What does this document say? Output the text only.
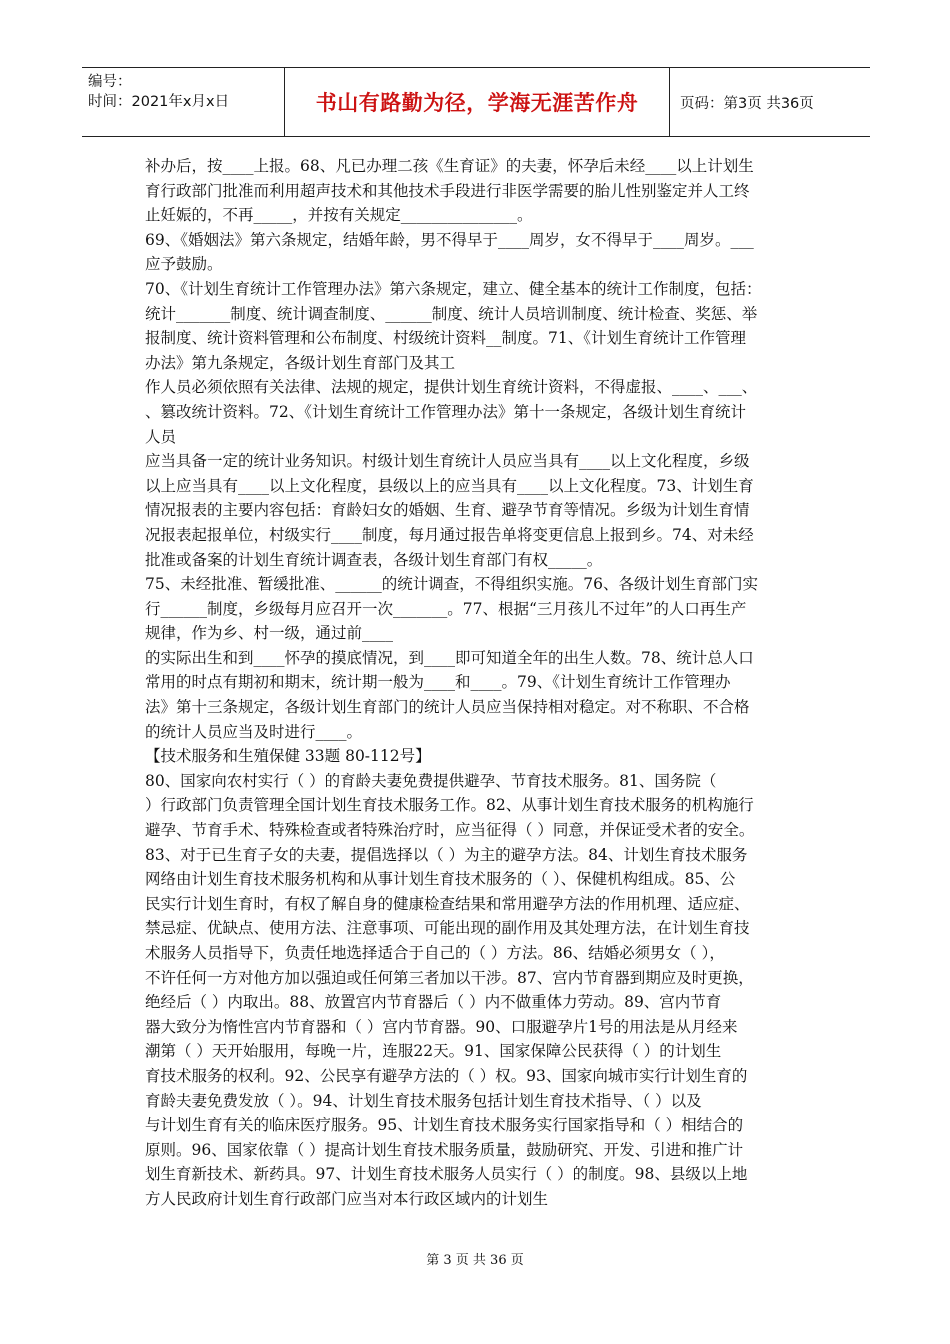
编号：
时间：2021年x月x日	书山有路勤为径，学海无涯苦作舟	页码：第3页 共36页
补办后，按____上报。68、凡已办理二孩《生育证》的夫妻，怀孕后未经____以上计划生
育行政部门批准而利用超声技术和其他技术手段进行非医学需要的胎儿性别鉴定并人工终
止妊娠的，不再_____，并按有关规定_______________。
69、《婚姻法》第六条规定，结婚年龄，男不得早于____周岁，女不得早于____周岁。___
应予鼓励。
70、《计划生育统计工作管理办法》第六条规定，建立、健全基本的统计工作制度，包括：
统计_______制度、统计调查制度、______制度、统计人员培训制度、统计检查、奖惩、举
报制度、统计资料管理和公布制度、村级统计资料__制度。71、《计划生育统计工作管理
办法》第九条规定，各级计划生育部门及其工
作人员必须依照有关法律、法规的规定，提供计划生育统计资料，不得虚报、____、___、
、篡改统计资料。72、《计划生育统计工作管理办法》第十一条规定，各级计划生育统计
人员
应当具备一定的统计业务知识。村级计划生育统计人员应当具有____以上文化程度，乡级
以上应当具有____以上文化程度，县级以上的应当具有____以上文化程度。73、计划生育
情况报表的主要内容包括：育龄妇女的婚姻、生育、避孕节育等情况。乡级为计划生育情
况报表起报单位，村级实行____制度，每月通过报告单将变更信息上报到乡。74、对未经
批准或备案的计划生育统计调查表，各级计划生育部门有权_____。
75、未经批准、暂缓批准、______的统计调查，不得组织实施。76、各级计划生育部门实
行______制度，乡级每月应召开一次_______。77、根据“三月孩儿不过年”的人口再生产
规律，作为乡、村一级，通过前____
的实际出生和到____怀孕的摸底情况，到____即可知道全年的出生人数。78、统计总人口
常用的时点有期初和期末，统计期一般为____和____。79、《计划生育统计工作管理办
法》第十三条规定，各级计划生育部门的统计人员应当保持相对稳定。对不称职、不合格
的统计人员应当及时进行____。
【技术服务和生殖保健 33题 80-112号】
80、国家向农村实行（ ）的育龄夫妻免费提供避孕、节育技术服务。81、国务院（
）行政部门负责管理全国计划生育技术服务工作。82、从事计划生育技术服务的机构施行
避孕、节育手术、特殊检查或者特殊治疗时，应当征得（ ）同意，并保证受术者的安全。
83、对于已生育子女的夫妻，提倡选择以（ ）为主的避孕方法。84、计划生育技术服务
网络由计划生育技术服务机构和从事计划生育技术服务的（ ）、保健机构组成。85、公
民实行计划生育时，有权了解自身的健康检查结果和常用避孕方法的作用机理、适应症、
禁忌症、优缺点、使用方法、注意事项、可能出现的副作用及其处理方法，在计划生育技
术服务人员指导下，负责任地选择适合于自己的（ ）方法。86、结婚必须男女（ ），
不许任何一方对他方加以强迫或任何第三者加以干涉。87、宫内节育器到期应及时更换，
绝经后（ ）内取出。88、放置宫内节育器后（ ）内不做重体力劳动。89、宫内节育
器大致分为惰性宫内节育器和（ ）宫内节育器。90、口服避孕片1号的用法是从月经来
潮第（ ）天开始服用，每晚一片，连服22天。91、国家保障公民获得（ ）的计划生
育技术服务的权利。92、公民享有避孕方法的（ ）权。93、国家向城市实行计划生育的
育龄夫妻免费发放（ ）。94、计划生育技术服务包括计划生育技术指导、（ ）以及
与计划生育有关的临床医疗服务。95、计划生育技术服务实行国家指导和（ ）相结合的
原则。96、国家依靠（ ）提高计划生育技术服务质量，鼓励研究、开发、引进和推广计
划生育新技术、新药具。97、计划生育技术服务人员实行（ ）的制度。98、县级以上地
方人民政府计划生育行政部门应当对本行政区域内的计划生
第 3 页 共 36 页
